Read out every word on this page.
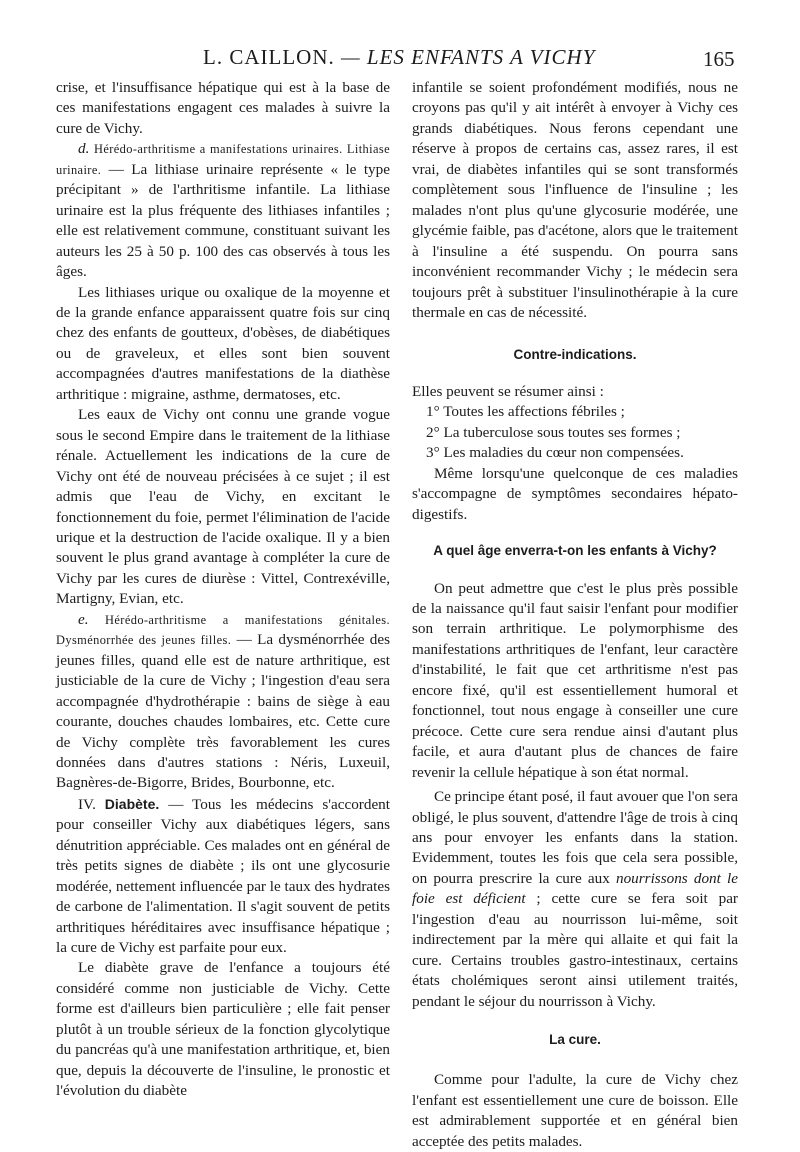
L. CAILLON. — LES ENFANTS A VICHY	165

crise, et l'insuffisance hépatique qui est à la base de ces manifestations engagent ces malades à suivre la cure de Vichy.

d. Hérédo-arthritisme a manifestations urinaires. Lithiase urinaire. — La lithiase urinaire représente « le type précipitant » de l'arthritisme infantile. La lithiase urinaire est la plus fréquente des lithiases infantiles ; elle est relativement commune, constituant suivant les auteurs les 25 à 50 p. 100 des cas observés à tous les âges.

Les lithiases urique ou oxalique de la moyenne et de la grande enfance apparaissent quatre fois sur cinq chez des enfants de goutteux, d'obèses, de diabétiques ou de graveleux, et elles sont bien souvent accompagnées d'autres manifestations de la diathèse arthritique : migraine, asthme, dermatoses, etc.

Les eaux de Vichy ont connu une grande vogue sous le second Empire dans le traitement de la lithiase rénale. Actuellement les indications de la cure de Vichy ont été de nouveau précisées à ce sujet ; il est admis que l'eau de Vichy, en excitant le fonctionnement du foie, permet l'élimination de l'acide urique et la destruction de l'acide oxalique. Il y a bien souvent le plus grand avantage à compléter la cure de Vichy par les cures de diurèse : Vittel, Contrexéville, Martigny, Evian, etc.

e. Hérédo-arthritisme a manifestations génitales. Dysménorrhée des jeunes filles. — La dysménorrhée des jeunes filles, quand elle est de nature arthritique, est justiciable de la cure de Vichy ; l'ingestion d'eau sera accompagnée d'hydrothérapie : bains de siège à eau courante, douches chaudes lombaires, etc. Cette cure de Vichy complète très favorablement les cures données dans d'autres stations : Néris, Luxeuil, Bagnères-de-Bigorre, Brides, Bourbonne, etc.

IV. Diabète. — Tous les médecins s'accordent pour conseiller Vichy aux diabétiques légers, sans dénutrition appréciable. Ces malades ont en général de très petits signes de diabète ; ils ont une glycosurie modérée, nettement influencée par le taux des hydrates de carbone de l'alimentation. Il s'agit souvent de petits arthritiques héréditaires avec insuffisance hépatique ; la cure de Vichy est parfaite pour eux.

Le diabète grave de l'enfance a toujours été considéré comme non justiciable de Vichy. Cette forme est d'ailleurs bien particulière ; elle fait penser plutôt à un trouble sérieux de la fonction glycolytique du pancréas qu'à une manifestation arthritique, et, bien que, depuis la découverte de l'insuline, le pronostic et l'évolution du diabète

infantile se soient profondément modifiés, nous ne croyons pas qu'il y ait intérêt à envoyer à Vichy ces grands diabétiques. Nous ferons cependant une réserve à propos de certains cas, assez rares, il est vrai, de diabètes infantiles qui se sont transformés complètement sous l'influence de l'insuline ; les malades n'ont plus qu'une glycosurie modérée, une glycémie faible, pas d'acétone, alors que le traitement à l'insuline a été suspendu. On pourra sans inconvénient recommander Vichy ; le médecin sera toujours prêt à substituer l'insulinothérapie à la cure thermale en cas de nécessité.

Contre-indications.

Elles peuvent se résumer ainsi :

1° Toutes les affections fébriles ;

2° La tuberculose sous toutes ses formes ;

3° Les maladies du cœur non compensées.

Même lorsqu'une quelconque de ces maladies s'accompagne de symptômes secondaires hépato-digestifs.

A quel âge enverra-t-on les enfants à Vichy?

On peut admettre que c'est le plus près possible de la naissance qu'il faut saisir l'enfant pour modifier son terrain arthritique. Le polymorphisme des manifestations arthritiques de l'enfant, leur caractère d'instabilité, le fait que cet arthritisme n'est pas encore fixé, qu'il est essentiellement humoral et fonctionnel, tout nous engage à conseiller une cure précoce. Cette cure sera rendue ainsi d'autant plus facile, et aura d'autant plus de chances de faire revenir la cellule hépatique à son état normal.

Ce principe étant posé, il faut avouer que l'on sera obligé, le plus souvent, d'attendre l'âge de trois à cinq ans pour envoyer les enfants dans la station. Evidemment, toutes les fois que cela sera possible, on pourra prescrire la cure aux nourrissons dont le foie est déficient ; cette cure se fera soit par l'ingestion d'eau au nourrisson lui-même, soit indirectement par la mère qui allaite et qui fait la cure. Certains troubles gastro-intestinaux, certains états cholémiques seront ainsi utilement traités, pendant le séjour du nourrisson à Vichy.

La cure.

Comme pour l'adulte, la cure de Vichy chez l'enfant est essentiellement une cure de boisson. Elle est admirablement supportée et en général bien acceptée des petits malades.
